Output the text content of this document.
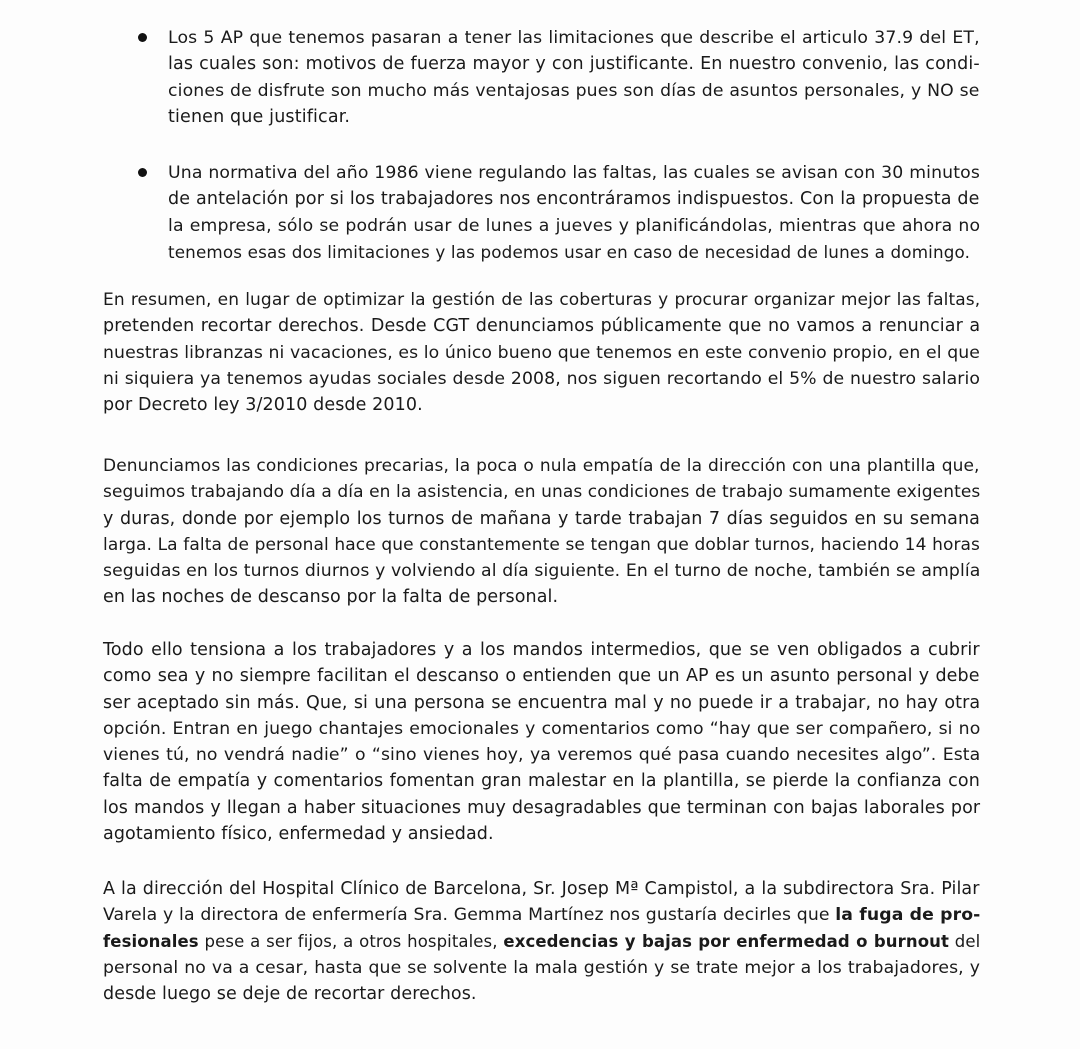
Los 5 AP que tenemos pasaran a tener las limitaciones que describe el articulo 37.9 del ET,
las cuales son: motivos de fuerza mayor y con justificante. En nuestro convenio, las condi-
ciones de disfrute son mucho más ventajosas pues son días de asuntos personales, y NO se
tienen que justificar.
Una normativa del año 1986 viene regulando las faltas, las cuales se avisan con 30 minutos
de antelación por si los trabajadores nos encontráramos indispuestos. Con la propuesta de
la empresa, sólo se podrán usar de lunes a jueves y planificándolas, mientras que ahora no
tenemos esas dos limitaciones y las podemos usar en caso de necesidad de lunes a domingo.
En resumen, en lugar de optimizar la gestión de las coberturas y procurar organizar mejor las faltas,
pretenden recortar derechos. Desde CGT denunciamos públicamente que no vamos a renunciar a
nuestras libranzas ni vacaciones, es lo único bueno que tenemos en este convenio propio, en el que
ni siquiera ya tenemos ayudas sociales desde 2008, nos siguen recortando el 5% de nuestro salario
por Decreto ley 3/2010 desde 2010.
Denunciamos las condiciones precarias, la poca o nula empatía de la dirección con una plantilla que,
seguimos trabajando día a día en la asistencia, en unas condiciones de trabajo sumamente exigentes
y duras, donde por ejemplo los turnos de mañana y tarde trabajan 7 días seguidos en su semana
larga. La falta de personal hace que constantemente se tengan que doblar turnos, haciendo 14 horas
seguidas en los turnos diurnos y volviendo al día siguiente. En el turno de noche, también se amplía
en las noches de descanso por la falta de personal.
Todo ello tensiona a los trabajadores y a los mandos intermedios, que se ven obligados a cubrir
como sea y no siempre facilitan el descanso o entienden que un AP es un asunto personal y debe
ser aceptado sin más. Que, si una persona se encuentra mal y no puede ir a trabajar, no hay otra
opción. Entran en juego chantajes emocionales y comentarios como “hay que ser compañero, si no
vienes tú, no vendrá nadie” o “sino vienes hoy, ya veremos qué pasa cuando necesites algo”. Esta
falta de empatía y comentarios fomentan gran malestar en la plantilla, se pierde la confianza con
los mandos y llegan a haber situaciones muy desagradables que terminan con bajas laborales por
agotamiento físico, enfermedad y ansiedad.
A la dirección del Hospital Clínico de Barcelona, Sr. Josep Mª Campistol, a la subdirectora Sra. Pilar
Varela y la directora de enfermería Sra. Gemma Martínez nos gustaría decirles que la fuga de pro-
fesionales pese a ser fijos, a otros hospitales, excedencias y bajas por enfermedad o burnout del
personal no va a cesar, hasta que se solvente la mala gestión y se trate mejor a los trabajadores, y
desde luego se deje de recortar derechos.
